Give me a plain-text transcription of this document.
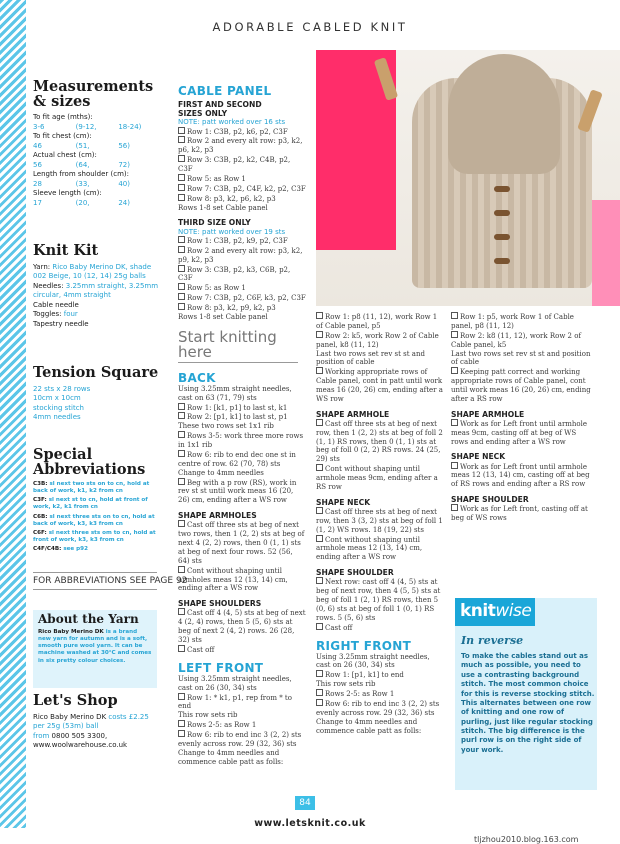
ADORABLE CABLED KNIT
Measurements
& sizes
To fit age (mths):
3-6	(9-12,	18-24)
To fit chest (cm):
46	(51,	56)
Actual chest (cm):
56	(64,	72)
Length from shoulder (cm):
28	(33,	40)
Sleeve length (cm):
17	(20,	24)
Knit Kit
Yarn: Rico Baby Merino DK, shade 002 Beige, 10 (12, 14) 25g balls
Needles: 3.25mm straight, 3.25mm circular, 4mm straight
Cable needle
Toggles: four
Tapestry needle
Tension Square
22 sts x 28 rows
10cm x 10cm
stocking stitch
4mm needles
Special
Abbreviations
C3B: sl next two sts on to cn, hold at back of work, k1, k2 from cn
C3F: sl next st to cn, hold at front of work, k2, k1 from cn
C6B: sl next three sts on to cn, hold at back of work, k3, k3 from cn
C6F: sl next three sts om to cn, hold at front of work, k3, k3 from cn
C4F/C4B: see p92
FOR ABBREVIATIONS SEE PAGE 92
About the Yarn
Rico Baby Merino DK is a brand new yarn for autumn and is a soft, smooth pure wool yarn. It can be machine washed at 30°C and comes in six pretty colour choices.
Let's Shop
Rico Baby Merino DK costs £2.25 per 25g (53m) ball
from 0800 505 3300,
www.woolwarehouse.co.uk
CABLE PANEL
FIRST AND SECOND
SIZES ONLY
NOTE: patt worked over 16 sts
Row 1: C3B, p2, k6, p2, C3F
Row 2 and every alt row: p3, k2, p6, k2, p3
Row 3: C3B, p2, k2, C4B, p2, C3F
Row 5: as Row 1
Row 7: C3B, p2, C4F, k2, p2, C3F
Row 8: p3, k2, p6, k2, p3
Rows 1-8 set Cable panel
THIRD SIZE ONLY
NOTE: patt worked over 19 sts
Row 1: C3B, p2, k9, p2, C3F
Row 2 and every alt row: p3, k2, p9, k2, p3
Row 3: C3B, p2, k3, C6B, p2, C3F
Row 5: as Row 1
Row 7: C3B, p2, C6F, k3, p2, C3F
Row 8: p3, k2, p9, k2, p3
Rows 1-8 set Cable panel
Start knitting here
BACK
Using 3.25mm straight needles, cast on 63 (71, 79) sts
Row 1: [k1, p1] to last st, k1
Row 2: [p1, k1] to last st, p1
These two rows set 1x1 rib
Rows 3-5: work three more rows in 1x1 rib
Row 6: rib to end dec one st in centre of row. 62 (70, 78) sts
Change to 4mm needles
Beg with a p row (RS), work in rev st st until work meas 16 (20, 26) cm, ending after a WS row
SHAPE ARMHOLES
Cast off three sts at beg of next two rows, then 1 (2, 2) sts at beg of next 4 (2, 2) rows, then 0 (1, 1) sts at beg of next four rows. 52 (56, 64) sts
Cont without shaping until armholes meas 12 (13, 14) cm, ending after a WS row
SHAPE SHOULDERS
Cast off 4 (4, 5) sts at beg of next 4 (2, 4) rows, then 5 (5, 6) sts at beg of next 2 (4, 2) rows. 26 (28, 32) sts
Cast off
LEFT FRONT
Using 3.25mm straight needles, cast on 26 (30, 34) sts
Row 1: * k1, p1, rep from * to end
This row sets rib
Rows 2-5: as Row 1
Row 6: rib to end inc 3 (2, 2) sts evenly across row. 29 (32, 36) sts
Change to 4mm needles and commence cable patt as folls:
Row 1: p8 (11, 12), work Row 1 of Cable panel, p5
Row 2: k5, work Row 2 of Cable panel, k8 (11, 12)
Last two rows set rev st st and position of cable
Working appropriate rows of Cable panel, cont in patt until work meas 16 (20, 26) cm, ending after a WS row
SHAPE ARMHOLE
Cast off three sts at beg of next row, then 1 (2, 2) sts at beg of foll 2 (1, 1) RS rows, then 0 (1, 1) sts at beg of foll 0 (2, 2) RS rows. 24 (25, 29) sts
Cont without shaping until armhole meas 9cm, ending after a RS row
SHAPE NECK
Cast off three sts at beg of next row, then 3 (3, 2) sts at beg of foll 1 (1, 2) WS rows. 18 (19, 22) sts
Cont without shaping until armhole meas 12 (13, 14) cm, ending after a WS row
SHAPE SHOULDER
Next row: cast off 4 (4, 5) sts at beg of next row, then 4 (5, 5) sts at beg of foll 1 (2, 1) RS rows, then 5 (0, 6) sts at beg of foll 1 (0, 1) RS rows. 5 (5, 6) sts
Cast off
RIGHT FRONT
Using 3.25mm straight needles, cast on 26 (30, 34) sts
Row 1: [p1, k1] to end
This row sets rib
Rows 2-5: as Row 1
Row 6: rib to end inc 3 (2, 2) sts evenly across row. 29 (32, 36) sts
Change to 4mm needles and commence cable patt as folls:
Row 1: p5, work Row 1 of Cable panel, p8 (11, 12)
Row 2: k8 (11, 12), work Row 2 of Cable panel, k5
Last two rows set rev st st and position of cable
Keeping patt correct and working appropriate rows of Cable panel, cont until work meas 16 (20, 26) cm, ending after a RS row
SHAPE ARMHOLE
Work as for Left front until armhole meas 9cm, casting off at beg of WS rows and ending after a WS row
SHAPE NECK
Work as for Left front until armhole meas 12 (13, 14) cm, casting off at beg of RS rows and ending after a RS row
SHAPE SHOULDER
Work as for Left front, casting off at beg of WS rows
knitwise
In reverse
To make the cables stand out as much as possible, you need to use a contrasting background stitch. The most common choice for this is reverse stocking stitch. This alternates between one row of knitting and one row of purling, just like regular stocking stitch. The big difference is the purl row is on the right side of your work.
84
www.letsknit.co.uk
tljzhou2010.blog.163.com
